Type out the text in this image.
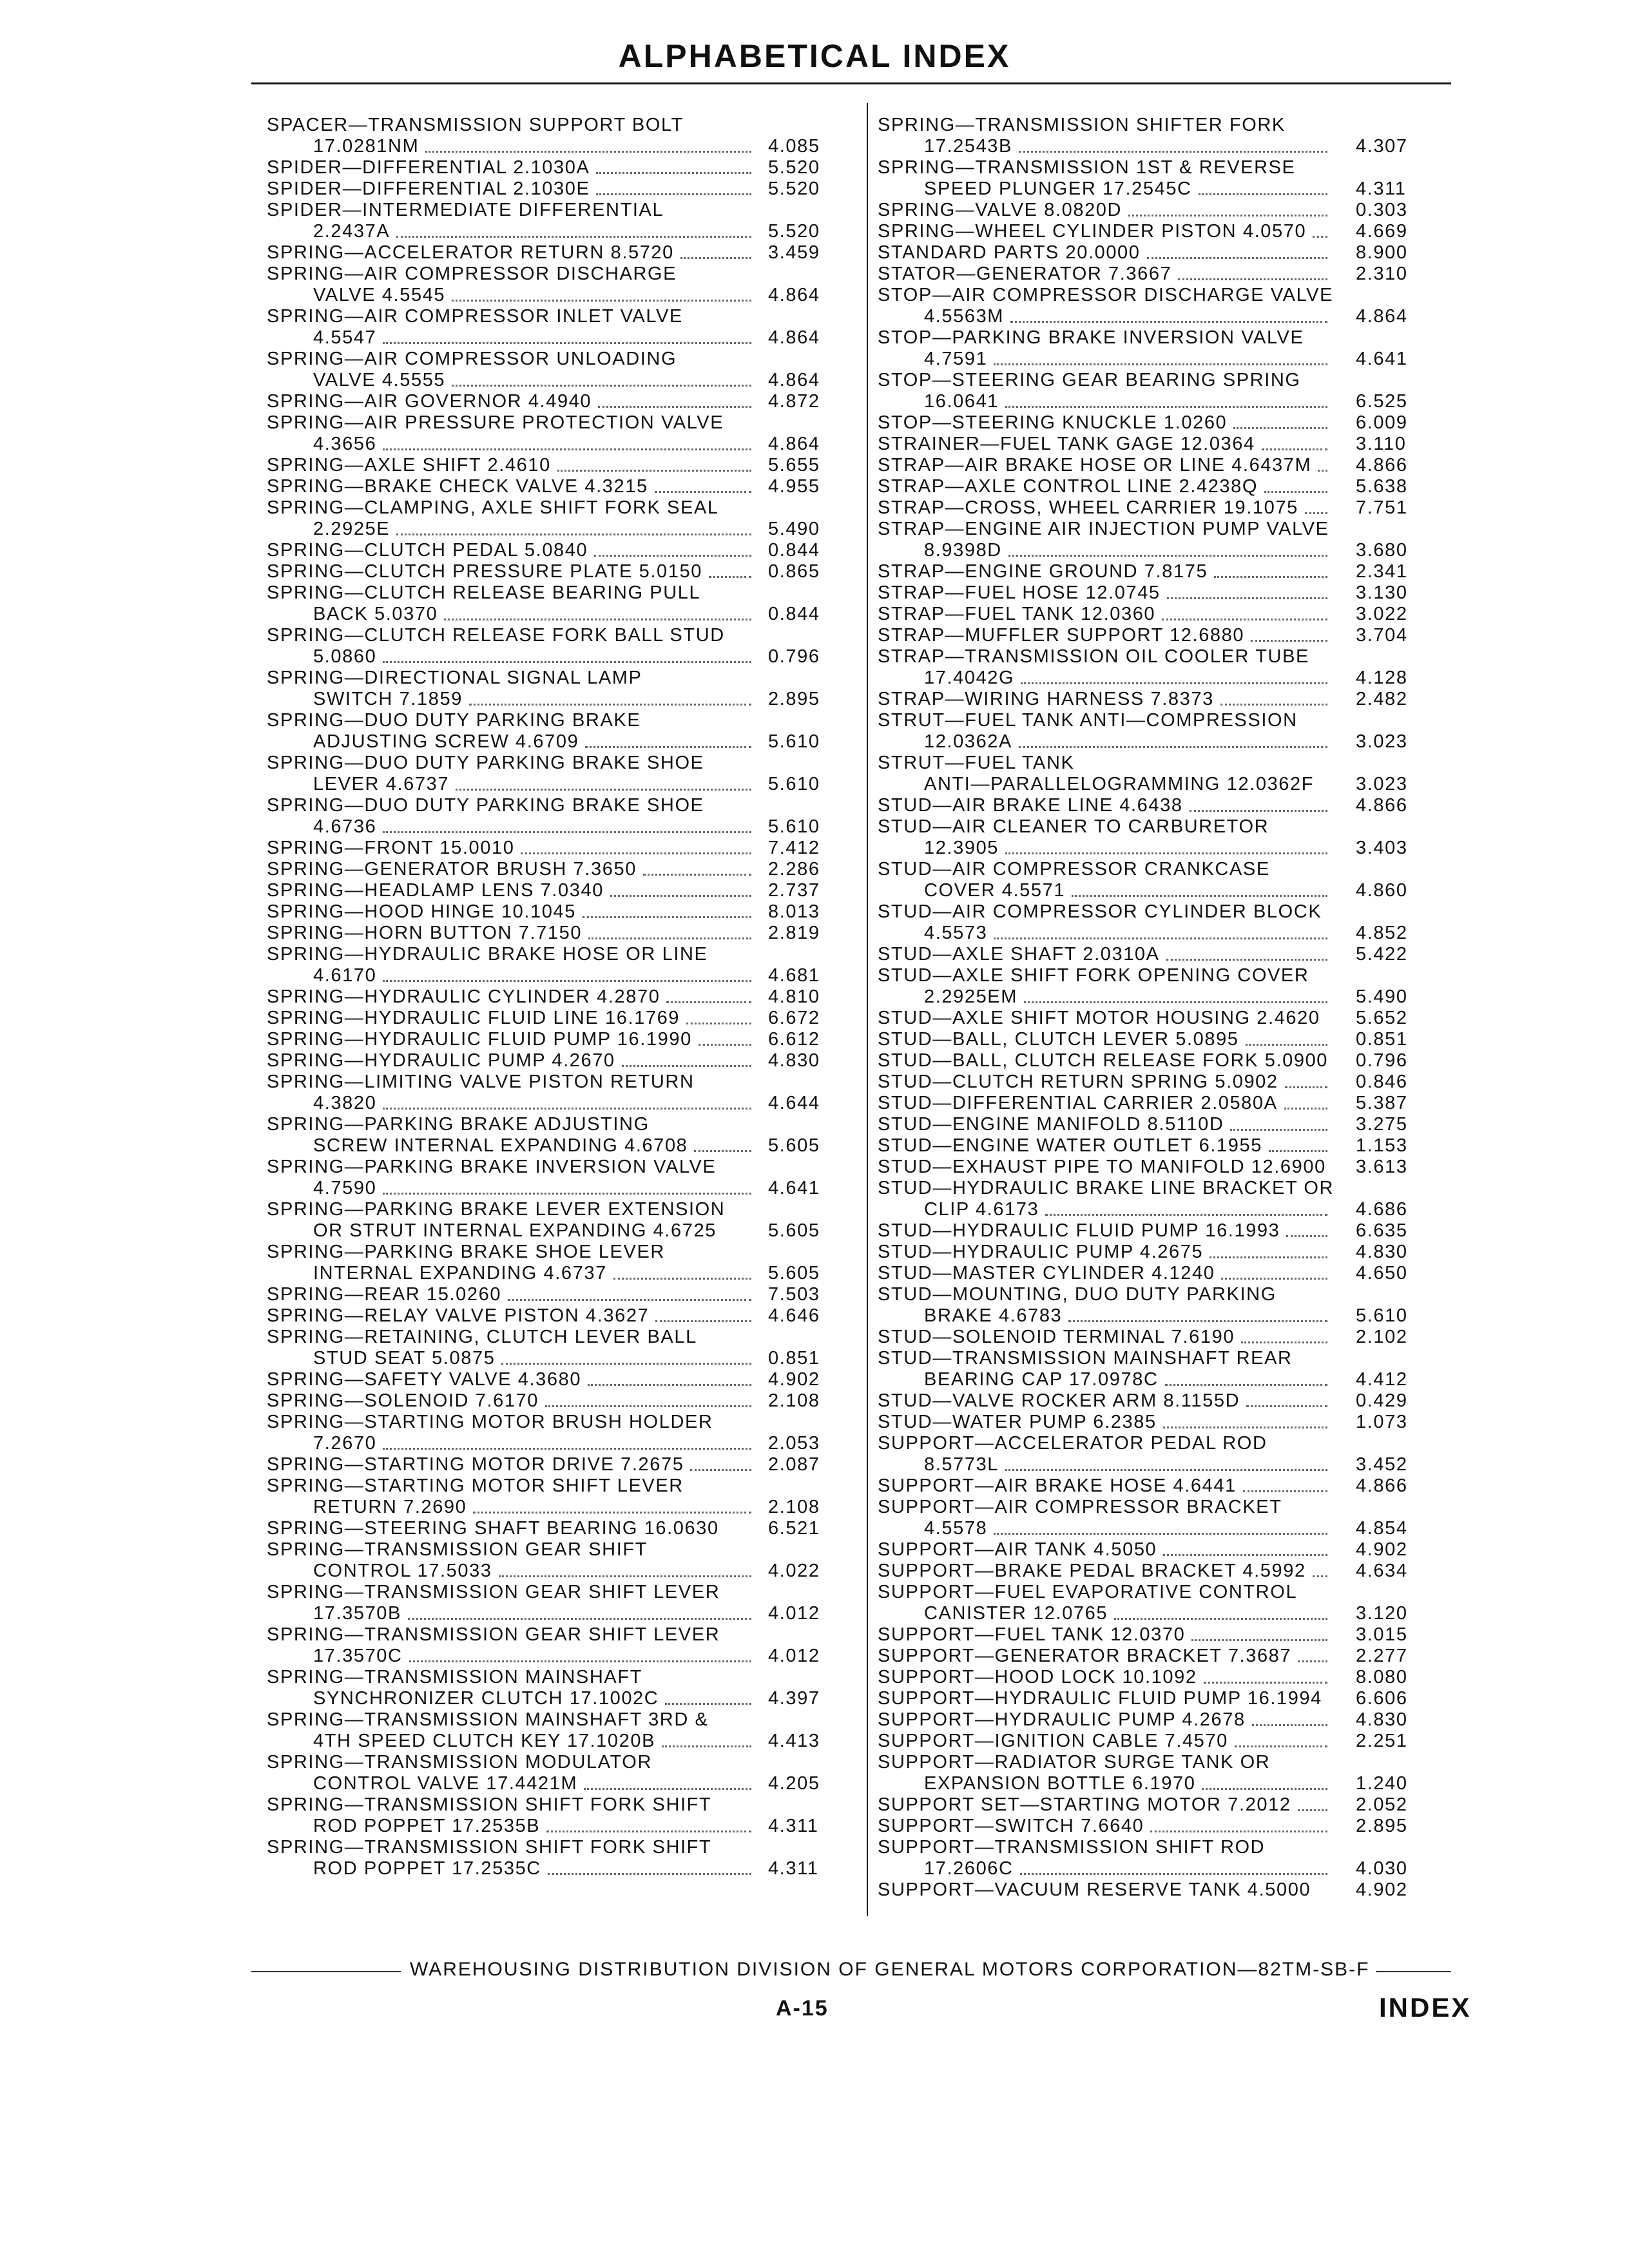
ALPHABETICAL INDEX
SPACER—TRANSMISSION SUPPORT BOLT
17.0281NM	4.085
SPIDER—DIFFERENTIAL 2.1030A	5.520
SPIDER—DIFFERENTIAL 2.1030E	5.520
SPIDER—INTERMEDIATE DIFFERENTIAL
2.2437A	5.520
SPRING—ACCELERATOR RETURN 8.5720	3.459
SPRING—AIR COMPRESSOR DISCHARGE
VALVE 4.5545	4.864
SPRING—AIR COMPRESSOR INLET VALVE
4.5547	4.864
SPRING—AIR COMPRESSOR UNLOADING
VALVE 4.5555	4.864
SPRING—AIR GOVERNOR 4.4940	4.872
SPRING—AIR PRESSURE PROTECTION VALVE
4.3656	4.864
SPRING—AXLE SHIFT 2.4610	5.655
SPRING—BRAKE CHECK VALVE 4.3215	4.955
SPRING—CLAMPING, AXLE SHIFT FORK SEAL
2.2925E	5.490
SPRING—CLUTCH PEDAL 5.0840	0.844
SPRING—CLUTCH PRESSURE PLATE 5.0150	0.865
SPRING—CLUTCH RELEASE BEARING PULL
BACK 5.0370	0.844
SPRING—CLUTCH RELEASE FORK BALL STUD
5.0860	0.796
SPRING—DIRECTIONAL SIGNAL LAMP
SWITCH 7.1859	2.895
SPRING—DUO DUTY PARKING BRAKE
ADJUSTING SCREW 4.6709	5.610
SPRING—DUO DUTY PARKING BRAKE SHOE
LEVER 4.6737	5.610
SPRING—DUO DUTY PARKING BRAKE SHOE
4.6736	5.610
SPRING—FRONT 15.0010	7.412
SPRING—GENERATOR BRUSH 7.3650	2.286
SPRING—HEADLAMP LENS 7.0340	2.737
SPRING—HOOD HINGE 10.1045	8.013
SPRING—HORN BUTTON 7.7150	2.819
SPRING—HYDRAULIC BRAKE HOSE OR LINE
4.6170	4.681
SPRING—HYDRAULIC CYLINDER 4.2870	4.810
SPRING—HYDRAULIC FLUID LINE 16.1769	6.672
SPRING—HYDRAULIC FLUID PUMP 16.1990	6.612
SPRING—HYDRAULIC PUMP 4.2670	4.830
SPRING—LIMITING VALVE PISTON RETURN
4.3820	4.644
SPRING—PARKING BRAKE ADJUSTING
SCREW INTERNAL EXPANDING 4.6708	5.605
SPRING—PARKING BRAKE INVERSION VALVE
4.7590	4.641
SPRING—PARKING BRAKE LEVER EXTENSION
OR STRUT INTERNAL EXPANDING 4.6725	5.605
SPRING—PARKING BRAKE SHOE LEVER
INTERNAL EXPANDING 4.6737	5.605
SPRING—REAR 15.0260	7.503
SPRING—RELAY VALVE PISTON 4.3627	4.646
SPRING—RETAINING, CLUTCH LEVER BALL
STUD SEAT 5.0875	0.851
SPRING—SAFETY VALVE 4.3680	4.902
SPRING—SOLENOID 7.6170	2.108
SPRING—STARTING MOTOR BRUSH HOLDER
7.2670	2.053
SPRING—STARTING MOTOR DRIVE 7.2675	2.087
SPRING—STARTING MOTOR SHIFT LEVER
RETURN 7.2690	2.108
SPRING—STEERING SHAFT BEARING 16.0630	6.521
SPRING—TRANSMISSION GEAR SHIFT
CONTROL 17.5033	4.022
SPRING—TRANSMISSION GEAR SHIFT LEVER
17.3570B	4.012
SPRING—TRANSMISSION GEAR SHIFT LEVER
17.3570C	4.012
SPRING—TRANSMISSION MAINSHAFT
SYNCHRONIZER CLUTCH 17.1002C	4.397
SPRING—TRANSMISSION MAINSHAFT 3RD &
4TH SPEED CLUTCH KEY 17.1020B	4.413
SPRING—TRANSMISSION MODULATOR
CONTROL VALVE 17.4421M	4.205
SPRING—TRANSMISSION SHIFT FORK SHIFT
ROD POPPET 17.2535B	4.311
SPRING—TRANSMISSION SHIFT FORK SHIFT
ROD POPPET 17.2535C	4.311
SPRING—TRANSMISSION SHIFTER FORK
17.2543B	4.307
SPRING—TRANSMISSION 1ST & REVERSE
SPEED PLUNGER 17.2545C	4.311
SPRING—VALVE 8.0820D	0.303
SPRING—WHEEL CYLINDER PISTON 4.0570	4.669
STANDARD PARTS 20.0000	8.900
STATOR—GENERATOR 7.3667	2.310
STOP—AIR COMPRESSOR DISCHARGE VALVE
4.5563M	4.864
STOP—PARKING BRAKE INVERSION VALVE
4.7591	4.641
STOP—STEERING GEAR BEARING SPRING
16.0641	6.525
STOP—STEERING KNUCKLE 1.0260	6.009
STRAINER—FUEL TANK GAGE 12.0364	3.110
STRAP—AIR BRAKE HOSE OR LINE 4.6437M	4.866
STRAP—AXLE CONTROL LINE 2.4238Q	5.638
STRAP—CROSS, WHEEL CARRIER 19.1075	7.751
STRAP—ENGINE AIR INJECTION PUMP VALVE
8.9398D	3.680
STRAP—ENGINE GROUND 7.8175	2.341
STRAP—FUEL HOSE 12.0745	3.130
STRAP—FUEL TANK 12.0360	3.022
STRAP—MUFFLER SUPPORT 12.6880	3.704
STRAP—TRANSMISSION OIL COOLER TUBE
17.4042G	4.128
STRAP—WIRING HARNESS 7.8373	2.482
STRUT—FUEL TANK ANTI—COMPRESSION
12.0362A	3.023
STRUT—FUEL TANK
ANTI—PARALLELOGRAMMING 12.0362F	3.023
STUD—AIR BRAKE LINE 4.6438	4.866
STUD—AIR CLEANER TO CARBURETOR
12.3905	3.403
STUD—AIR COMPRESSOR CRANKCASE
COVER 4.5571	4.860
STUD—AIR COMPRESSOR CYLINDER BLOCK
4.5573	4.852
STUD—AXLE SHAFT 2.0310A	5.422
STUD—AXLE SHIFT FORK OPENING COVER
2.2925EM	5.490
STUD—AXLE SHIFT MOTOR HOUSING 2.4620	5.652
STUD—BALL, CLUTCH LEVER 5.0895	0.851
STUD—BALL, CLUTCH RELEASE FORK 5.0900	0.796
STUD—CLUTCH RETURN SPRING 5.0902	0.846
STUD—DIFFERENTIAL CARRIER 2.0580A	5.387
STUD—ENGINE MANIFOLD 8.5110D	3.275
STUD—ENGINE WATER OUTLET 6.1955	1.153
STUD—EXHAUST PIPE TO MANIFOLD 12.6900	3.613
STUD—HYDRAULIC BRAKE LINE BRACKET OR
CLIP 4.6173	4.686
STUD—HYDRAULIC FLUID PUMP 16.1993	6.635
STUD—HYDRAULIC PUMP 4.2675	4.830
STUD—MASTER CYLINDER 4.1240	4.650
STUD—MOUNTING, DUO DUTY PARKING
BRAKE 4.6783	5.610
STUD—SOLENOID TERMINAL 7.6190	2.102
STUD—TRANSMISSION MAINSHAFT REAR
BEARING CAP 17.0978C	4.412
STUD—VALVE ROCKER ARM 8.1155D	0.429
STUD—WATER PUMP 6.2385	1.073
SUPPORT—ACCELERATOR PEDAL ROD
8.5773L	3.452
SUPPORT—AIR BRAKE HOSE 4.6441	4.866
SUPPORT—AIR COMPRESSOR BRACKET
4.5578	4.854
SUPPORT—AIR TANK 4.5050	4.902
SUPPORT—BRAKE PEDAL BRACKET 4.5992	4.634
SUPPORT—FUEL EVAPORATIVE CONTROL
CANISTER 12.0765	3.120
SUPPORT—FUEL TANK 12.0370	3.015
SUPPORT—GENERATOR BRACKET 7.3687	2.277
SUPPORT—HOOD LOCK 10.1092	8.080
SUPPORT—HYDRAULIC FLUID PUMP 16.1994	6.606
SUPPORT—HYDRAULIC PUMP 4.2678	4.830
SUPPORT—IGNITION CABLE 7.4570	2.251
SUPPORT—RADIATOR SURGE TANK OR
EXPANSION BOTTLE 6.1970	1.240
SUPPORT SET—STARTING MOTOR 7.2012	2.052
SUPPORT—SWITCH 7.6640	2.895
SUPPORT—TRANSMISSION SHIFT ROD
17.2606C	4.030
SUPPORT—VACUUM RESERVE TANK 4.5000	4.902
WAREHOUSING DISTRIBUTION DIVISION OF GENERAL MOTORS CORPORATION—82TM-SB-F
A-15	INDEX
